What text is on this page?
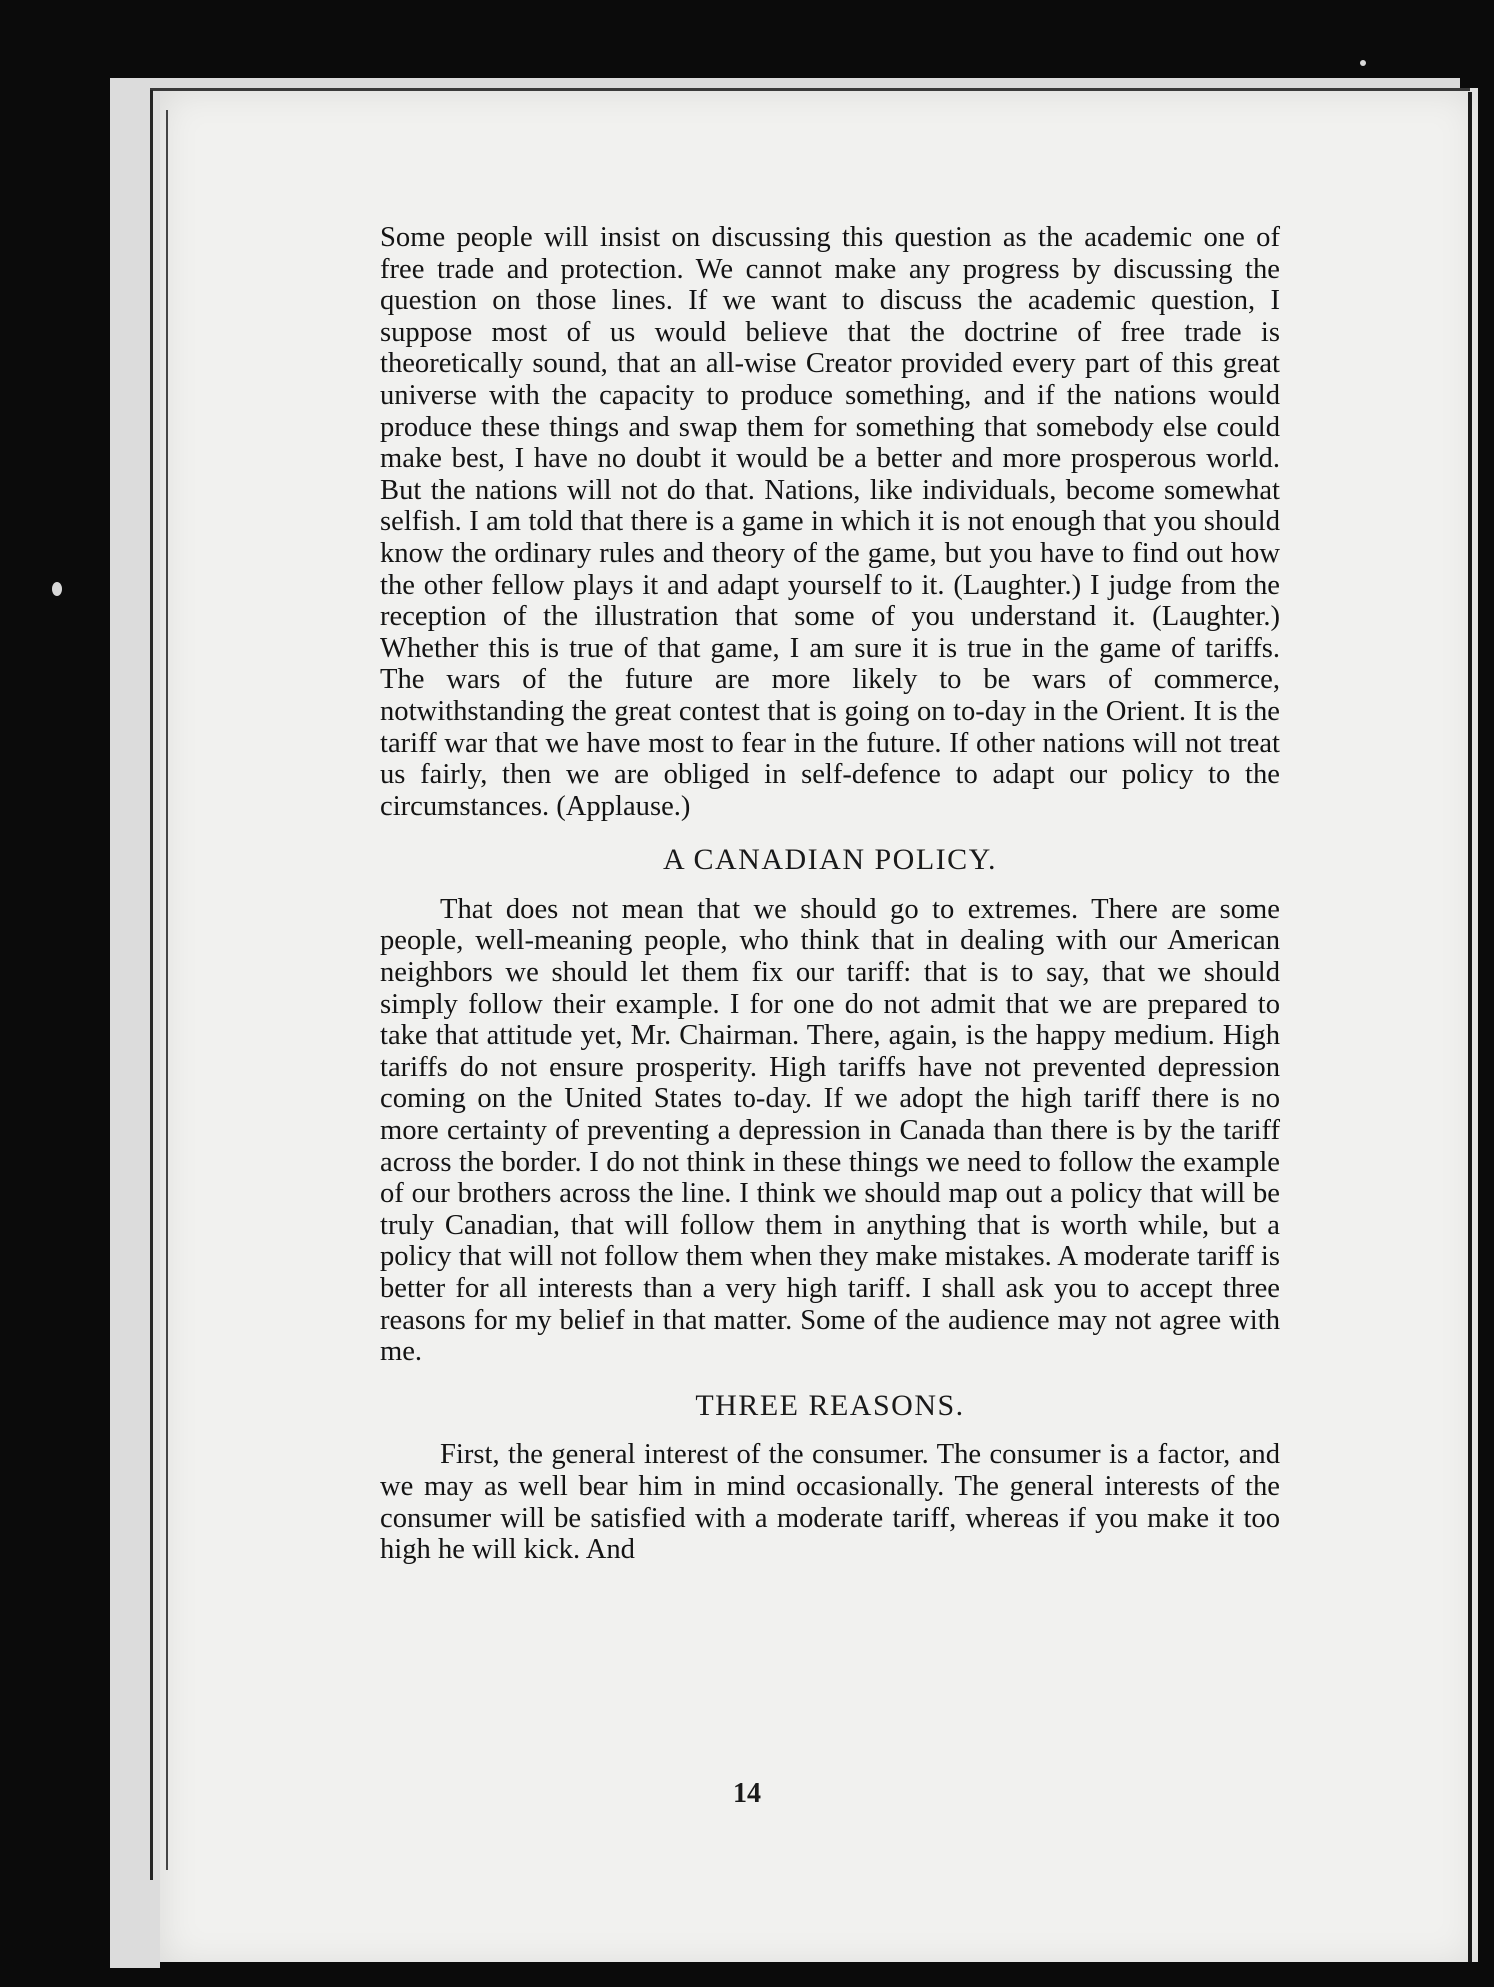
Some people will insist on discussing this question as the academic one of free trade and protection. We cannot make any progress by discussing the question on those lines. If we want to discuss the academic question, I suppose most of us would believe that the doctrine of free trade is theoretically sound, that an all-wise Creator provided every part of this great universe with the capacity to produce something, and if the nations would produce these things and swap them for something that somebody else could make best, I have no doubt it would be a better and more prosperous world. But the nations will not do that. Nations, like individuals, become somewhat selfish. I am told that there is a game in which it is not enough that you should know the ordinary rules and theory of the game, but you have to find out how the other fellow plays it and adapt yourself to it. (Laughter.) I judge from the reception of the illustration that some of you understand it. (Laughter.) Whether this is true of that game, I am sure it is true in the game of tariffs. The wars of the future are more likely to be wars of commerce, notwithstanding the great contest that is going on to-day in the Orient. It is the tariff war that we have most to fear in the future. If other nations will not treat us fairly, then we are obliged in self-defence to adapt our policy to the circumstances. (Applause.)

A CANADIAN POLICY.

That does not mean that we should go to extremes. There are some people, well-meaning people, who think that in dealing with our American neighbors we should let them fix our tariff: that is to say, that we should simply follow their example. I for one do not admit that we are prepared to take that attitude yet, Mr. Chairman. There, again, is the happy medium. High tariffs do not ensure prosperity. High tariffs have not prevented depression coming on the United States to-day. If we adopt the high tariff there is no more certainty of preventing a depression in Canada than there is by the tariff across the border. I do not think in these things we need to follow the example of our brothers across the line. I think we should map out a policy that will be truly Canadian, that will follow them in anything that is worth while, but a policy that will not follow them when they make mistakes. A moderate tariff is better for all interests than a very high tariff. I shall ask you to accept three reasons for my belief in that matter. Some of the audience may not agree with me.

THREE REASONS.

First, the general interest of the consumer. The consumer is a factor, and we may as well bear him in mind occasionally. The general interests of the consumer will be satisfied with a moderate tariff, whereas if you make it too high he will kick. And

14
